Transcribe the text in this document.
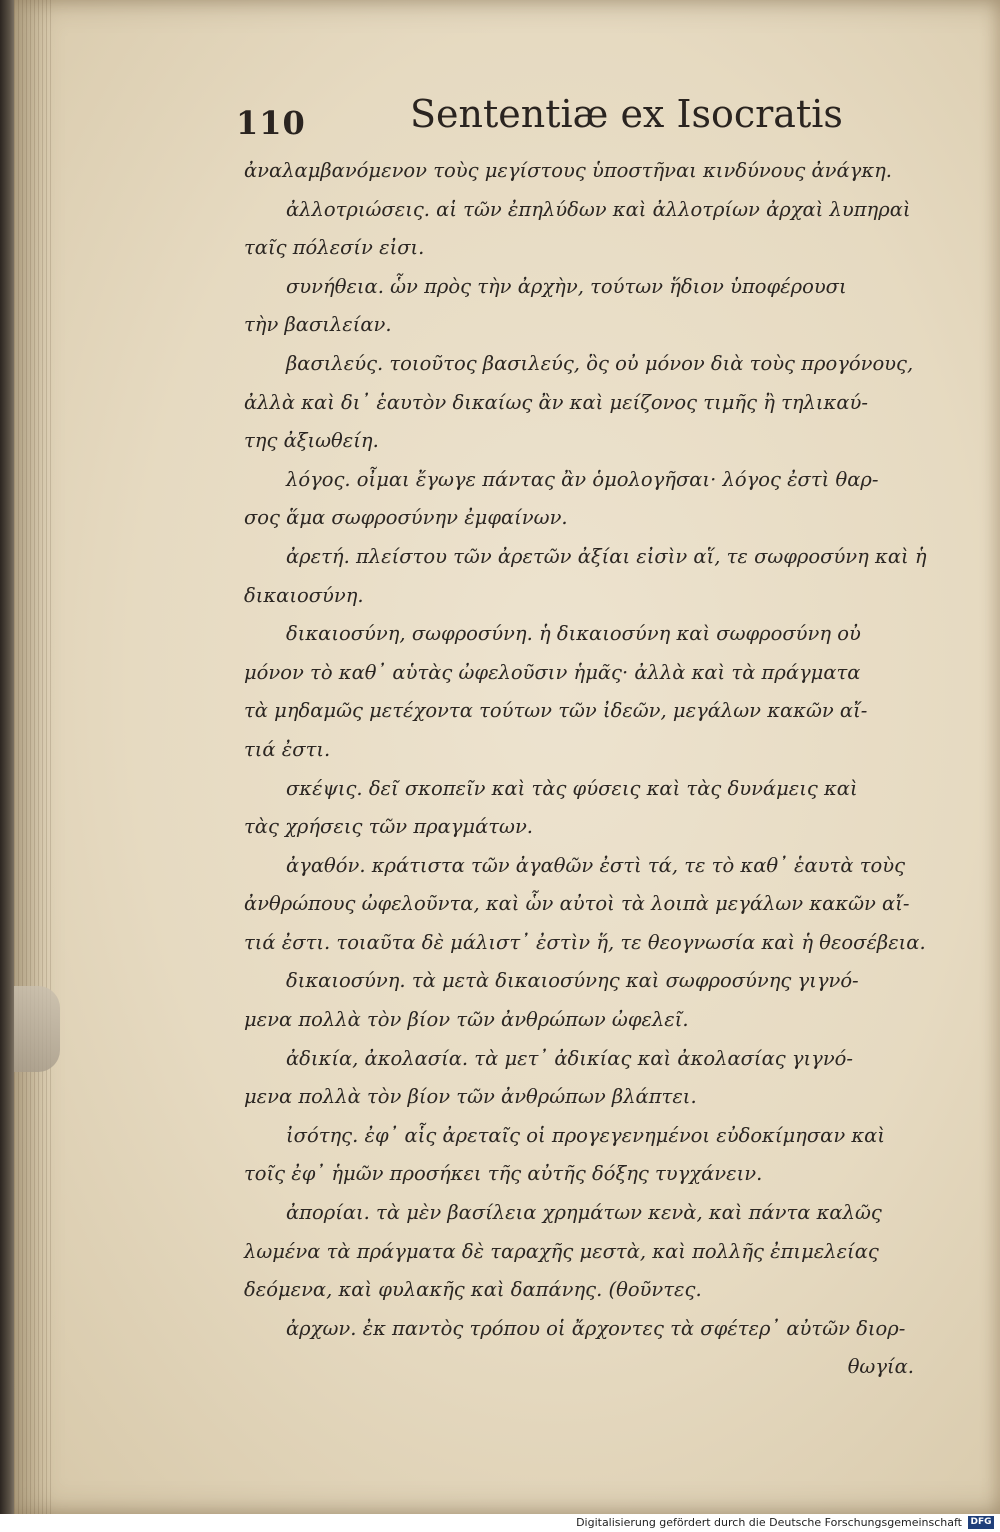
110	Sententiæ ex Isocratis
ἀναλαμβανόμενον τοὺς μεγίστους ὑποστῆναι κινδύνους ἀνάγκη.
ἀλλοτριώσεις. αἱ τῶν ἐπηλύδων καὶ ἀλλοτρίων ἀρχαὶ λυπηραὶ
ταῖς πόλεσίν εἰσι.
συνήθεια. ὧν πρὸς τὴν ἀρχὴν, τούτων ἥδιον ὑποφέρουσι
τὴν βασιλείαν.
βασιλεύς. τοιοῦτος βασιλεύς, ὃς οὐ μόνον διὰ τοὺς προγόνους,
ἀλλὰ καὶ δι᾽ ἑαυτὸν δικαίως ἂν καὶ μείζονος τιμῆς ἢ τηλικαύ-
της ἀξιωθείη.
λόγος. οἶμαι ἔγωγε πάντας ἂν ὁμολογῆσαι· λόγος ἐστὶ θαρ-
σος ἅμα σωφροσύνην ἐμφαίνων.
ἀρετή. πλείστου τῶν ἀρετῶν ἀξίαι εἰσὶν αἵ, τε σωφροσύνη καὶ ἡ
δικαιοσύνη.
δικαιοσύνη, σωφροσύνη. ἡ δικαιοσύνη καὶ σωφροσύνη οὐ
μόνον τὸ καθ᾽ αὑτὰς ὠφελοῦσιν ἡμᾶς· ἀλλὰ καὶ τὰ πράγματα
τὰ μηδαμῶς μετέχοντα τούτων τῶν ἰδεῶν, μεγάλων κακῶν αἴ-
τιά ἐστι.
σκέψις. δεῖ σκοπεῖν καὶ τὰς φύσεις καὶ τὰς δυνάμεις καὶ
τὰς χρήσεις τῶν πραγμάτων.
ἀγαθόν. κράτιστα τῶν ἀγαθῶν ἐστὶ τά, τε τὸ καθ᾽ ἑαυτὰ τοὺς
ἀνθρώπους ὠφελοῦντα, καὶ ὧν αὐτοὶ τὰ λοιπὰ μεγάλων κακῶν αἴ-
τιά ἐστι. τοιαῦτα δὲ μάλιστ᾽ ἐστὶν ἥ, τε θεογνωσία καὶ ἡ θεοσέβεια.
δικαιοσύνη. τὰ μετὰ δικαιοσύνης καὶ σωφροσύνης γιγνό-
μενα πολλὰ τὸν βίον τῶν ἀνθρώπων ὠφελεῖ.
ἀδικία, ἀκολασία. τὰ μετ᾽ ἀδικίας καὶ ἀκολασίας γιγνό-
μενα πολλὰ τὸν βίον τῶν ἀνθρώπων βλάπτει.
ἰσότης. ἐφ᾽ αἷς ἀρεταῖς οἱ προγεγενημένοι εὐδοκίμησαν καὶ
τοῖς ἐφ᾽ ἡμῶν προσήκει τῆς αὐτῆς δόξης τυγχάνειν.
ἀπορίαι. τὰ μὲν βασίλεια χρημάτων κενὰ, καὶ πάντα καλῶς
λωμένα τὰ πράγματα δὲ ταραχῆς μεστὰ, καὶ πολλῆς ἐπιμελείας
δεόμενα, καὶ φυλακῆς καὶ δαπάνης. (θοῦντες.
ἀρχων. ἐκ παντὸς τρόπου οἱ ἄρχοντες τὰ σφέτερ᾽ αὐτῶν διορ-
θωγία.
Digitalisierung gefördert durch die Deutsche Forschungsgemeinschaft DFG
